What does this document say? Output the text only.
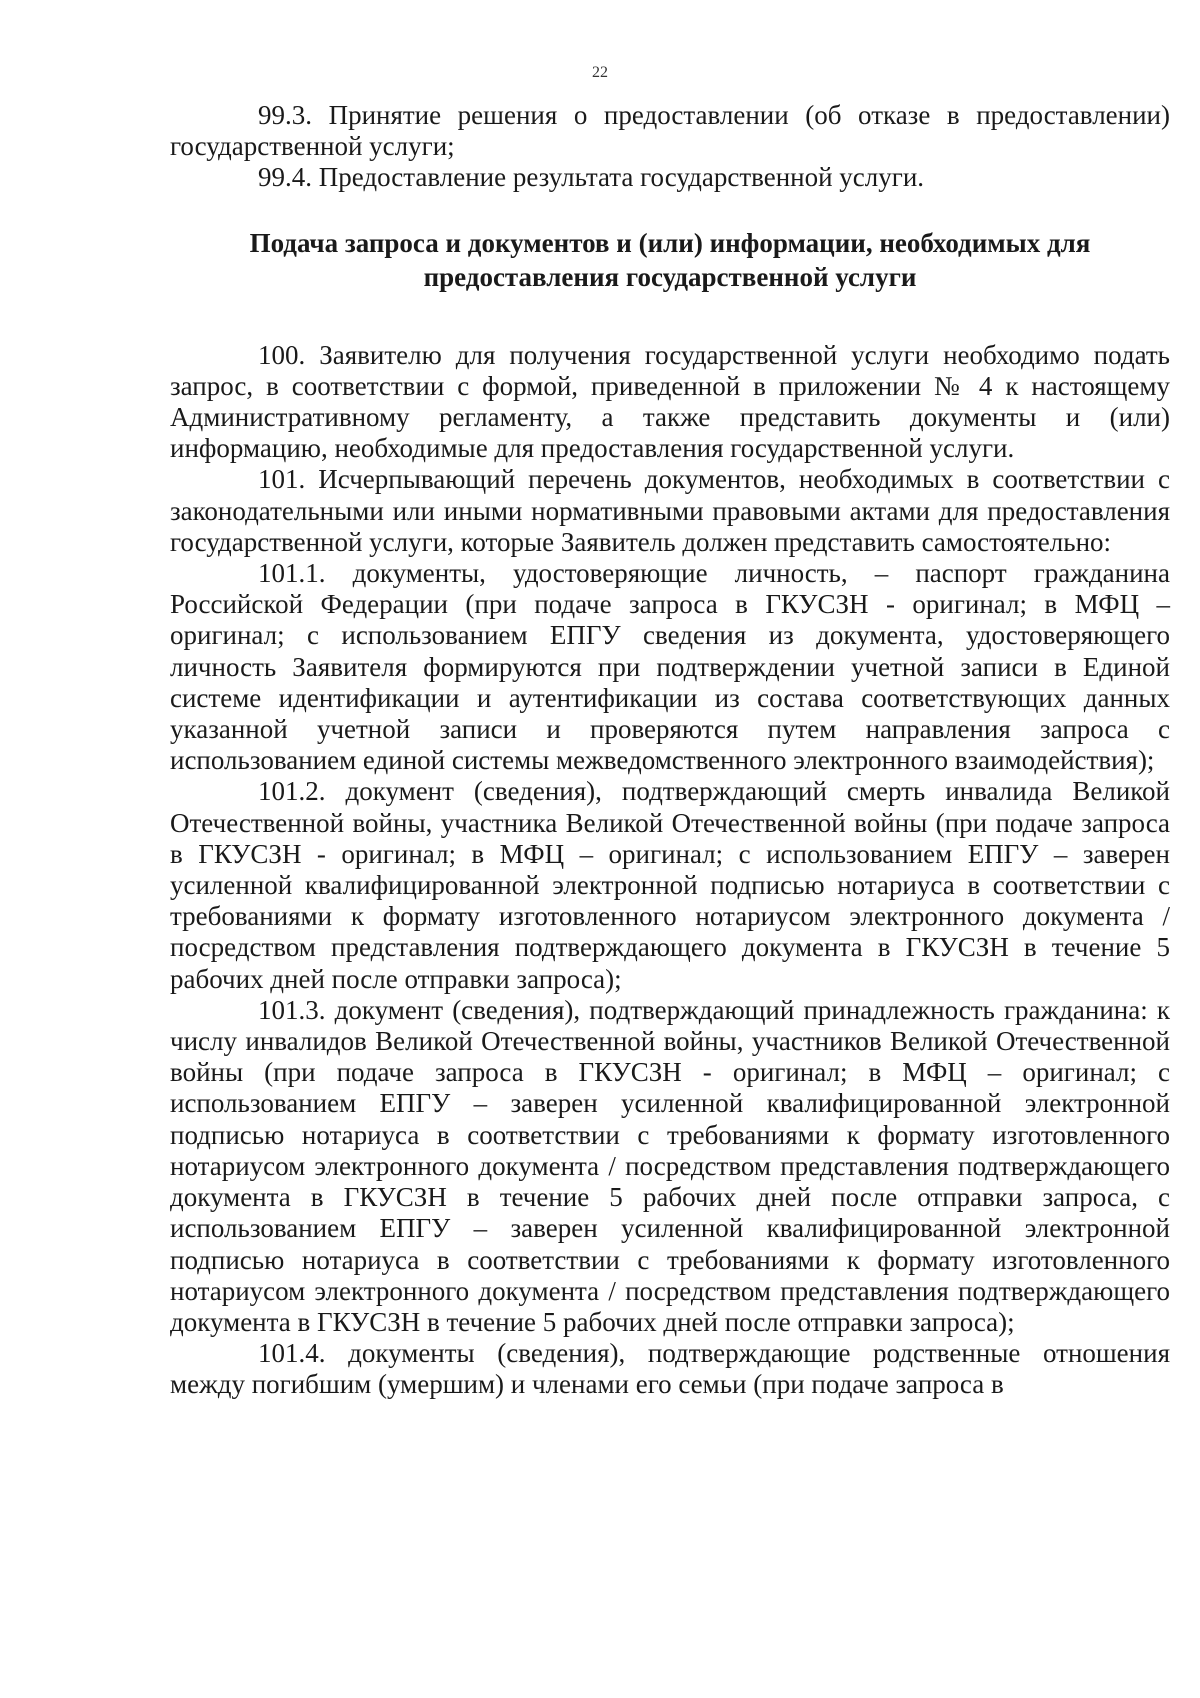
22

99.3. Принятие решения о предоставлении (об отказе в предоставлении) государственной услуги;

99.4. Предоставление результата государственной услуги.

Подача запроса и документов и (или) информации, необходимых для
предоставления государственной услуги

100. Заявителю для получения государственной услуги необходимо подать запрос, в соответствии с формой, приведенной в приложении № 4 к настоящему Административному регламенту, а также представить документы и (или) информацию, необходимые для предоставления государственной услуги.

101. Исчерпывающий перечень документов, необходимых в соответствии с законодательными или иными нормативными правовыми актами для предоставления государственной услуги, которые Заявитель должен представить самостоятельно:

101.1. документы, удостоверяющие личность, – паспорт гражданина Российской Федерации (при подаче запроса в ГКУСЗН - оригинал; в МФЦ – оригинал; с использованием ЕПГУ сведения из документа, удостоверяющего личность Заявителя формируются при подтверждении учетной записи в Единой системе идентификации и аутентификации из состава соответствующих данных указанной учетной записи и проверяются путем направления запроса с использованием единой системы межведомственного электронного взаимодействия);

101.2. документ (сведения), подтверждающий смерть инвалида Великой Отечественной войны, участника Великой Отечественной войны (при подаче запроса в ГКУСЗН - оригинал; в МФЦ – оригинал; с использованием ЕПГУ – заверен усиленной квалифицированной электронной подписью нотариуса в соответствии с требованиями к формату изготовленного нотариусом электронного документа / посредством представления подтверждающего документа в ГКУСЗН в течение 5 рабочих дней после отправки запроса);

101.3. документ (сведения), подтверждающий принадлежность гражданина: к числу инвалидов Великой Отечественной войны, участников Великой Отечественной войны (при подаче запроса в ГКУСЗН - оригинал; в МФЦ – оригинал; с использованием ЕПГУ – заверен усиленной квалифицированной электронной подписью нотариуса в соответствии с требованиями к формату изготовленного нотариусом электронного документа / посредством представления подтверждающего документа в ГКУСЗН в течение 5 рабочих дней после отправки запроса, с использованием ЕПГУ – заверен усиленной квалифицированной электронной подписью нотариуса в соответствии с требованиями к формату изготовленного нотариусом электронного документа / посредством представления подтверждающего документа в ГКУСЗН в течение 5 рабочих дней после отправки запроса);

101.4. документы (сведения), подтверждающие родственные отношения между погибшим (умершим) и членами его семьи (при подаче запроса в
